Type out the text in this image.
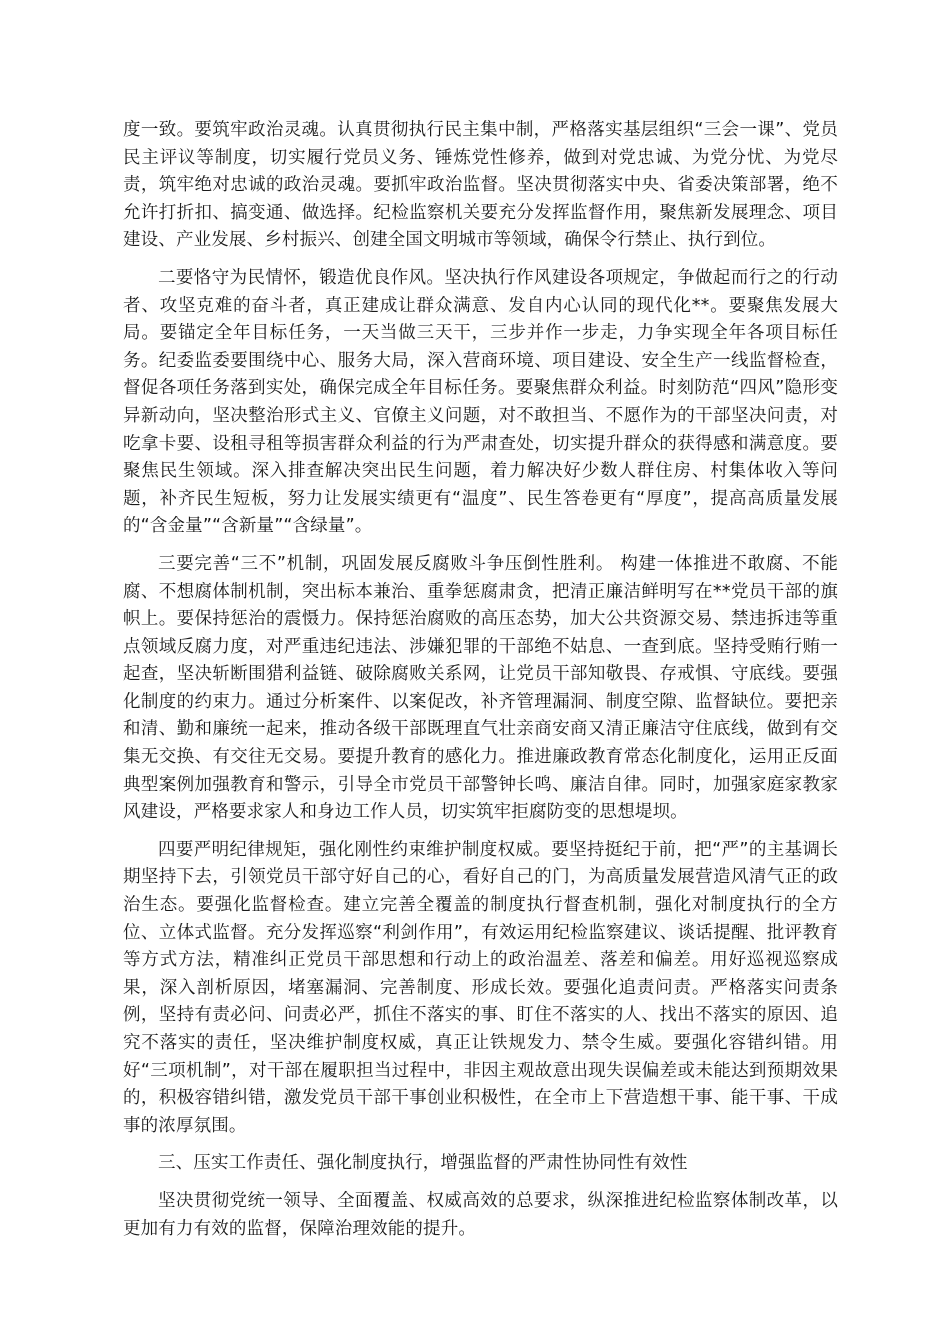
度一致。要筑牢政治灵魂。认真贯彻执行民主集中制，严格落实基层组织“三会一课”、党员民主评议等制度，切实履行党员义务、锤炼党性修养，做到对党忠诚、为党分忧、为党尽责，筑牢绝对忠诚的政治灵魂。要抓牢政治监督。坚决贯彻落实中央、省委决策部署，绝不允许打折扣、搞变通、做选择。纪检监察机关要充分发挥监督作用，聚焦新发展理念、项目建设、产业发展、乡村振兴、创建全国文明城市等领域，确保令行禁止、执行到位。

二要恪守为民情怀，锻造优良作风。坚决执行作风建设各项规定，争做起而行之的行动者、攻坚克难的奋斗者，真正建成让群众满意、发自内心认同的现代化**。要聚焦发展大局。要锚定全年目标任务，一天当做三天干，三步并作一步走，力争实现全年各项目标任务。纪委监委要围绕中心、服务大局，深入营商环境、项目建设、安全生产一线监督检查，督促各项任务落到实处，确保完成全年目标任务。要聚焦群众利益。时刻防范“四风”隐形变异新动向，坚决整治形式主义、官僚主义问题，对不敢担当、不愿作为的干部坚决问责，对吃拿卡要、设租寻租等损害群众利益的行为严肃查处，切实提升群众的获得感和满意度。要聚焦民生领域。深入排查解决突出民生问题，着力解决好少数人群住房、村集体收入等问题，补齐民生短板，努力让发展实绩更有“温度”、民生答卷更有“厚度”，提高高质量发展的“含金量”“含新量”“含绿量”。

三要完善“三不”机制，巩固发展反腐败斗争压倒性胜利。 构建一体推进不敢腐、不能腐、不想腐体制机制，突出标本兼治、重拳惩腐肃贪，把清正廉洁鲜明写在**党员干部的旗帜上。要保持惩治的震慑力。保持惩治腐败的高压态势，加大公共资源交易、禁违拆违等重点领域反腐力度，对严重违纪违法、涉嫌犯罪的干部绝不姑息、一查到底。坚持受贿行贿一起查，坚决斩断围猎利益链、破除腐败关系网，让党员干部知敬畏、存戒惧、守底线。要强化制度的约束力。通过分析案件、以案促改，补齐管理漏洞、制度空隙、监督缺位。要把亲和清、勤和廉统一起来，推动各级干部既理直气壮亲商安商又清正廉洁守住底线，做到有交集无交换、有交往无交易。要提升教育的感化力。推进廉政教育常态化制度化，运用正反面典型案例加强教育和警示，引导全市党员干部警钟长鸣、廉洁自律。同时，加强家庭家教家风建设，严格要求家人和身边工作人员，切实筑牢拒腐防变的思想堤坝。

四要严明纪律规矩，强化刚性约束维护制度权威。要坚持挺纪于前，把“严”的主基调长期坚持下去，引领党员干部守好自己的心，看好自己的门，为高质量发展营造风清气正的政治生态。要强化监督检查。建立完善全覆盖的制度执行督查机制，强化对制度执行的全方位、立体式监督。充分发挥巡察“利剑作用”，有效运用纪检监察建议、谈话提醒、批评教育等方式方法，精准纠正党员干部思想和行动上的政治温差、落差和偏差。用好巡视巡察成果，深入剖析原因，堵塞漏洞、完善制度、形成长效。要强化追责问责。严格落实问责条例，坚持有责必问、问责必严，抓住不落实的事、盯住不落实的人、找出不落实的原因、追究不落实的责任，坚决维护制度权威，真正让铁规发力、禁令生威。要强化容错纠错。用好“三项机制”，对干部在履职担当过程中，非因主观故意出现失误偏差或未能达到预期效果的，积极容错纠错，激发党员干部干事创业积极性，在全市上下营造想干事、能干事、干成事的浓厚氛围。

三、压实工作责任、强化制度执行，增强监督的严肃性协同性有效性

坚决贯彻党统一领导、全面覆盖、权威高效的总要求，纵深推进纪检监察体制改革，以更加有力有效的监督，保障治理效能的提升。
